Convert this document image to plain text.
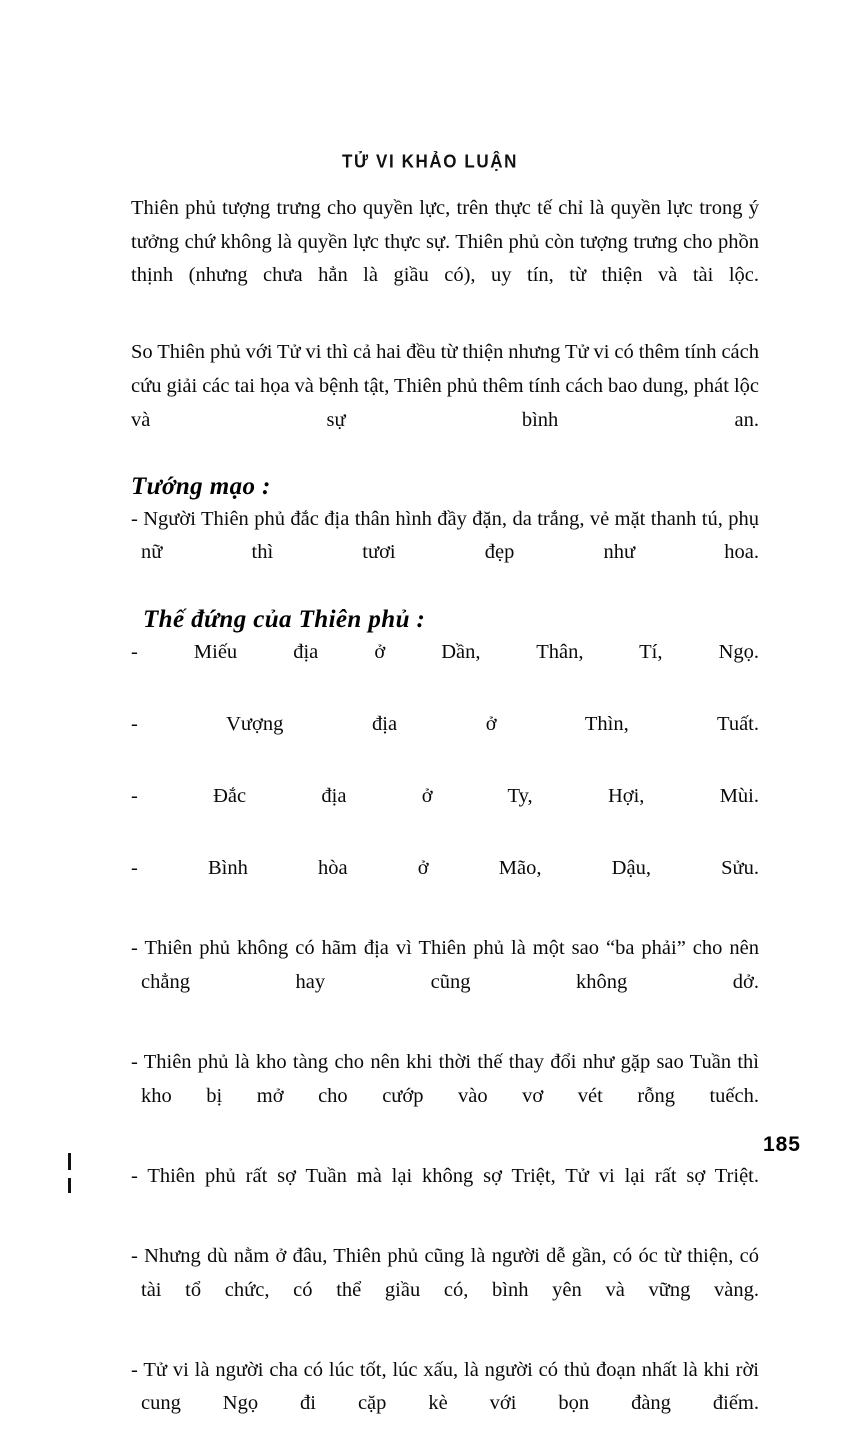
TỬ VI KHẢO LUẬN

Thiên phủ tượng trưng cho quyền lực, trên thực tế chỉ là quyền lực trong ý tưởng chứ không là quyền lực thực sự. Thiên phủ còn tượng trưng cho phồn thịnh (nhưng chưa hẳn là giầu có), uy tín, từ thiện và tài lộc.

So Thiên phủ với Tử vi thì cả hai đều từ thiện nhưng Tử vi có thêm tính cách cứu giải các tai họa và bệnh tật, Thiên phủ thêm tính cách bao dung, phát lộc và sự bình an.

Tướng mạo :

- Người Thiên phủ đắc địa thân hình đầy đặn, da trắng, vẻ mặt thanh tú, phụ nữ thì tươi đẹp như hoa.

Thế đứng của Thiên phủ :

- Miếu địa ở Dần, Thân, Tí, Ngọ.

- Vượng địa ở Thìn, Tuất.

- Đắc địa ở Ty, Hợi, Mùi.

- Bình hòa ở Mão, Dậu, Sửu.

- Thiên phủ không có hãm địa vì Thiên phủ là một sao “ba phải” cho nên chẳng hay cũng không dở.

- Thiên phủ là kho tàng cho nên khi thời thế thay đổi như gặp sao Tuần thì kho bị mở cho cướp vào vơ vét rỗng tuếch.

- Thiên phủ rất sợ Tuần mà lại không sợ Triệt, Tử vi lại rất sợ Triệt.

- Nhưng dù nằm ở đâu, Thiên phủ cũng là người dễ gần, có óc từ thiện, có tài tổ chức, có thể giầu có, bình yên và vững vàng.

- Tử vi là người cha có lúc tốt, lúc xấu, là người có thủ đoạn nhất là khi rời cung Ngọ đi cặp kè với bọn đàng điếm.

185
